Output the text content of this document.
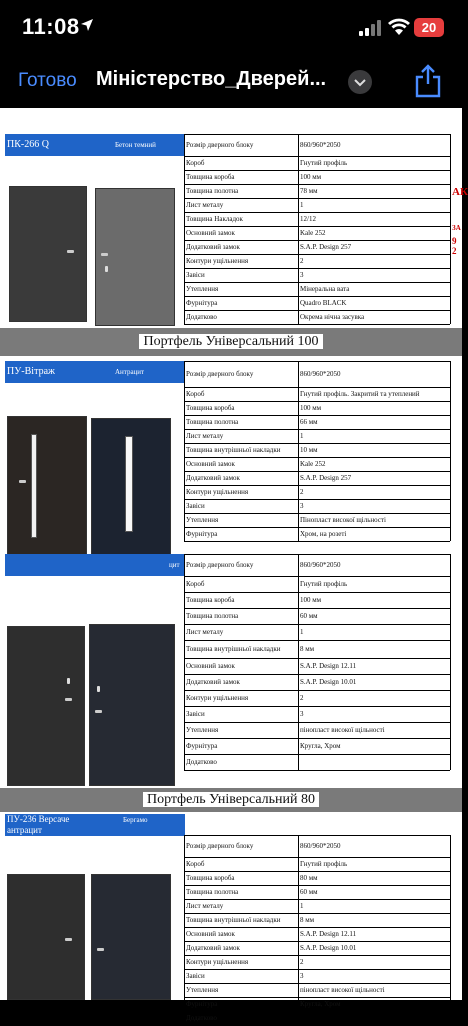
11:08	20
Готово Міністерство_Дверей...
АК
ЗА
9 2
ПК-266 Q	Бетон темний	Розмір дверного блоку	860/960*2050
Короб	Гнутий профіль
Товщина короба	100 мм
Товщина полотна	78 мм
Лист металу	1
Товщина Накладок	12/12
Основний замок	Kale 252
Додатковий замок	S.A.P. Design 257
Контури ущільнення	2
Завіси	3
Утеплення	Мінеральна вата
Фурнітура	Quadro BLACK
Додатково	Окрема нічна засувка
Портфель Універсальний 100
ПУ-Вітраж	Антрацит
цит
Розмір дверного блоку	860/960*2050
Короб	Гнутий профіль. Закритий та утеплений
Товщина короба	100 мм
Товщина полотна	66 мм
Лист металу	1
Товщина внутрішньої накладки	10 мм
Основний замок	Kale 252
Додатковий замок	S.A.P. Design 257
Контури ущільнення	2
Завіси	3
Утеплення	Пінопласт високої щільності
Фурнітура	Хром, на розеті
Розмір дверного блоку	860/960*2050
Короб	Гнутий профіль
Товщина короба	100 мм
Товщина полотна	60 мм
Лист металу	1
Товщина внутрішньої накладки	8 мм
Основний замок	S.A.P. Design 12.11
Додатковий замок	S.A.P. Design 10.01
Контури ущільнення	2
Завіси	3
Утеплення	пінопласт високої щільності
Фурнітура	Кругла, Хром
Додатково
Портфель Універсальний 80
ПУ-236 Версаче
антрацит
Бергамо
Розмір дверного блоку	860/960*2050
Короб	Гнутий профіль
Товщина короба	80 мм
Товщина полотна	60 мм
Лист металу	1
Товщина внутрішньої накладки	8 мм
Основний замок	S.A.P. Design 12.11
Додатковий замок	S.A.P. Design 10.01
Контури ущільнення	2
Завіси	3
Утеплення	пінопласт високої щільності
Фурнітура	Кругла, Хром
Додатково
